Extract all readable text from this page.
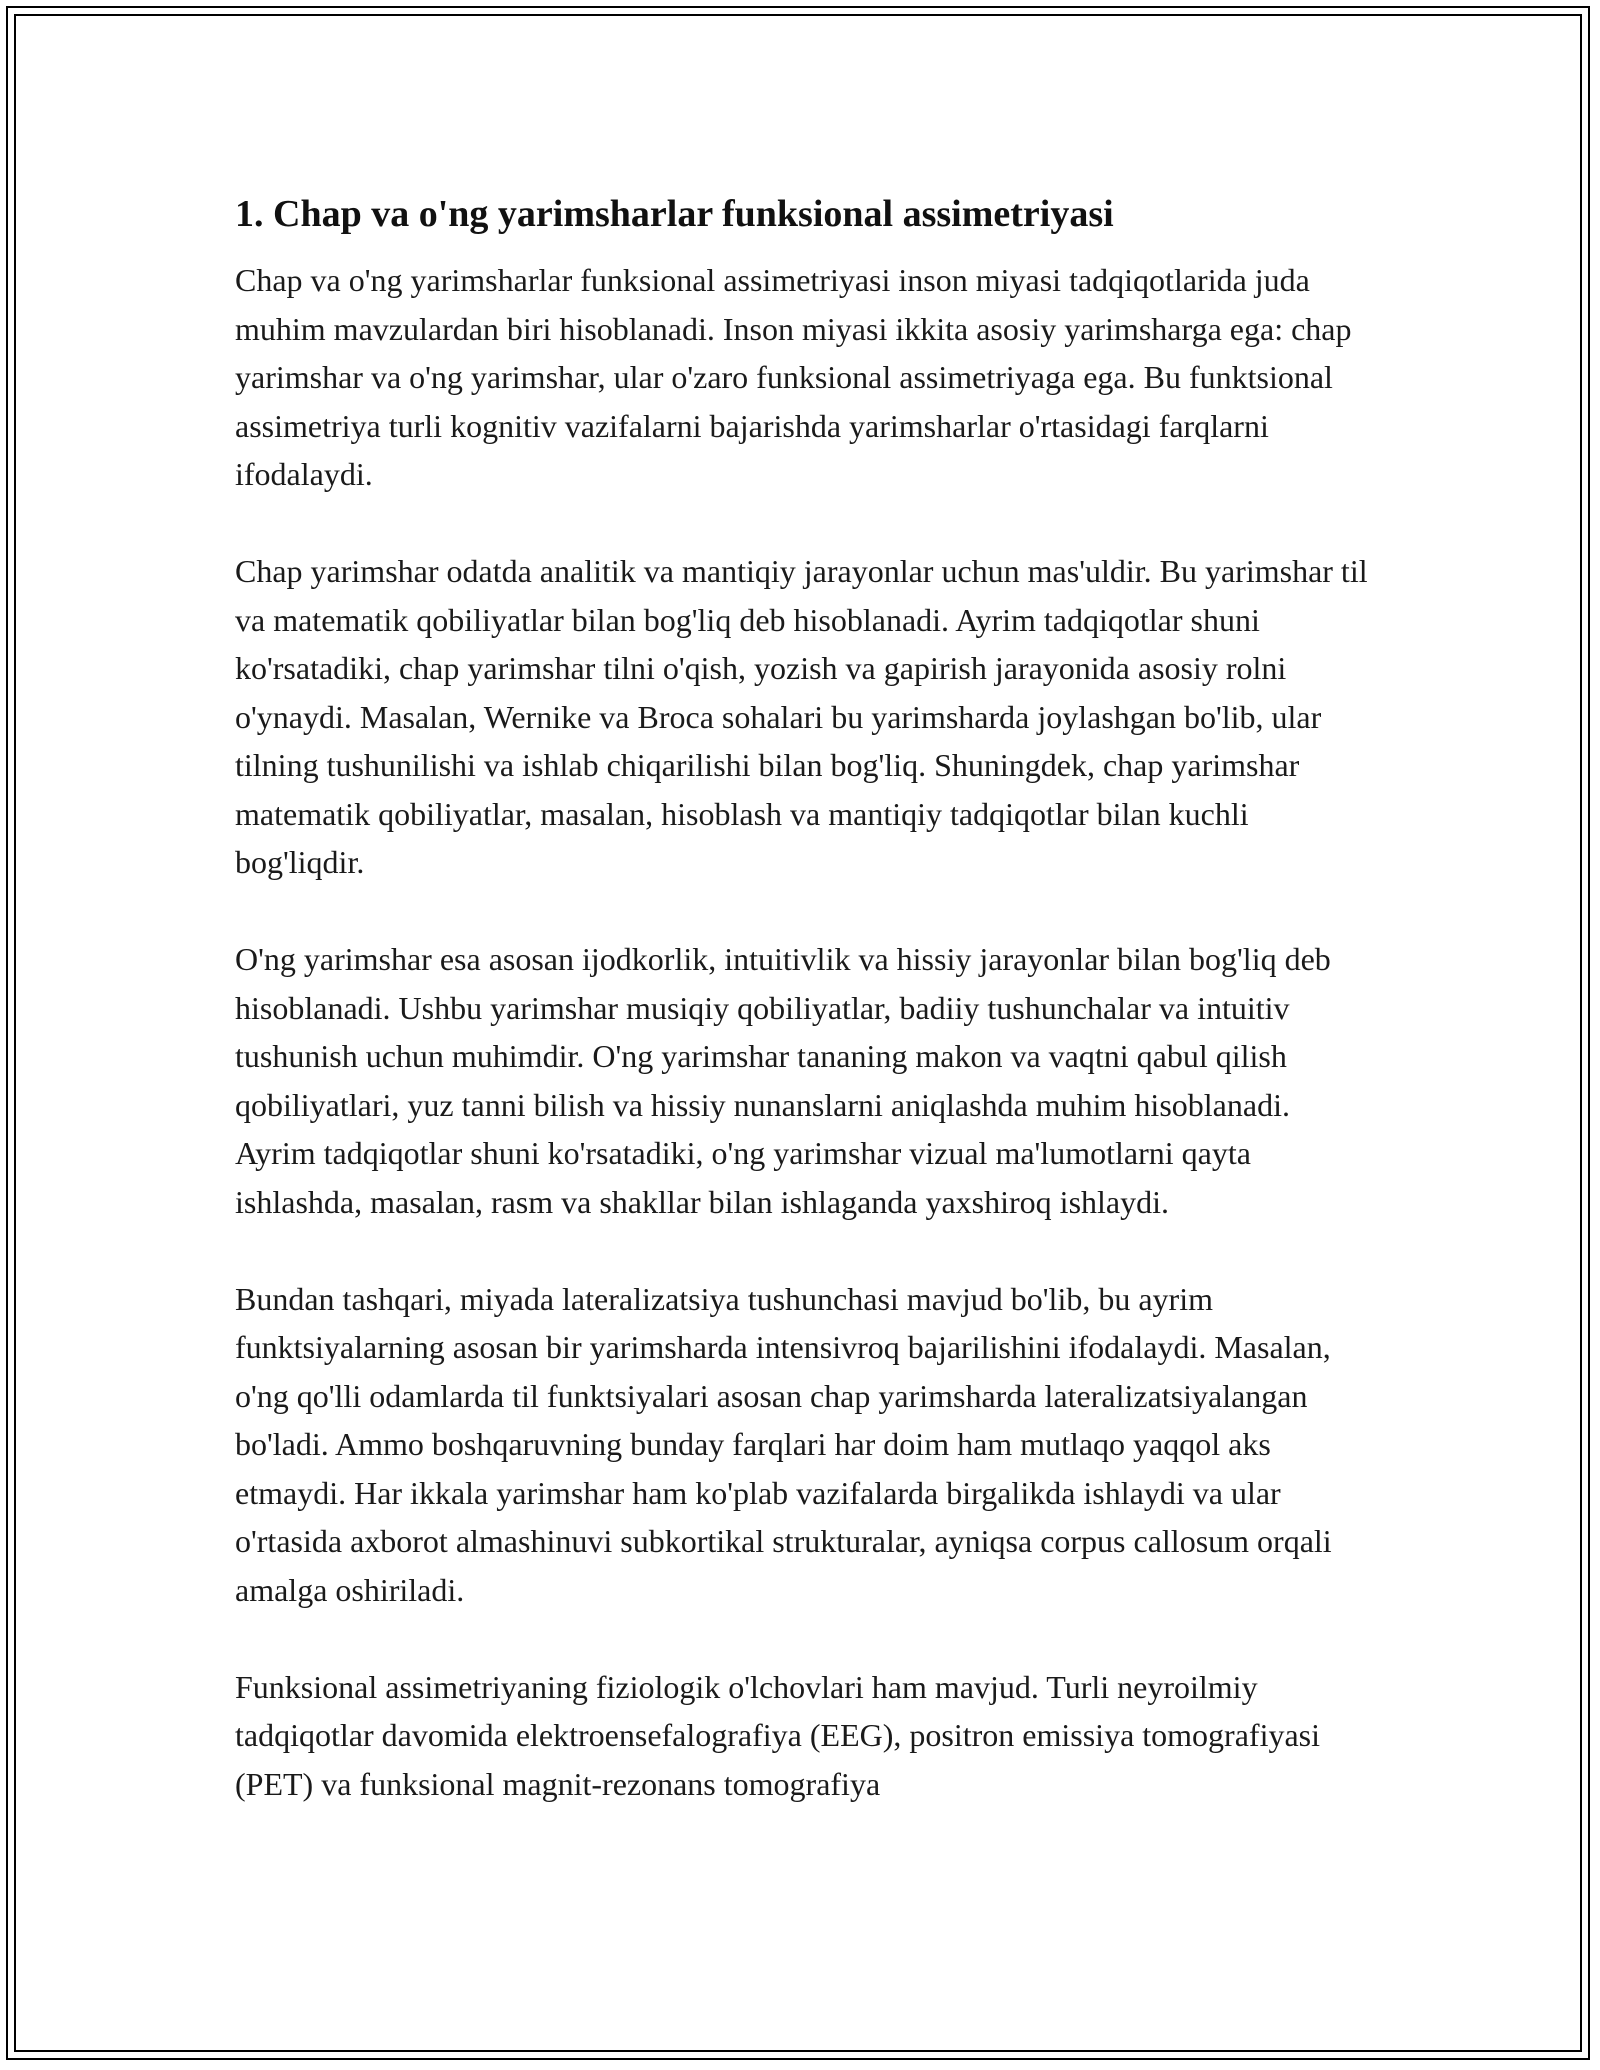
1. Chap va o'ng yarimsharlar funksional assimetriyasi

Chap va o'ng yarimsharlar funksional assimetriyasi inson miyasi tadqiqotlarida juda muhim mavzulardan biri hisoblanadi. Inson miyasi ikkita asosiy yarimsharga ega: chap yarimshar va o'ng yarimshar, ular o'zaro funksional assimetriyaga ega. Bu funktsional assimetriya turli kognitiv vazifalarni bajarishda yarimsharlar o'rtasidagi farqlarni ifodalaydi.

Chap yarimshar odatda analitik va mantiqiy jarayonlar uchun mas'uldir. Bu yarimshar til va matematik qobiliyatlar bilan bog'liq deb hisoblanadi. Ayrim tadqiqotlar shuni ko'rsatadiki, chap yarimshar tilni o'qish, yozish va gapirish jarayonida asosiy rolni o'ynaydi. Masalan, Wernike va Broca sohalari bu yarimsharda joylashgan bo'lib, ular tilning tushunilishi va ishlab chiqarilishi bilan bog'liq. Shuningdek, chap yarimshar matematik qobiliyatlar, masalan, hisoblash va mantiqiy tadqiqotlar bilan kuchli bog'liqdir.

O'ng yarimshar esa asosan ijodkorlik, intuitivlik va hissiy jarayonlar bilan bog'liq deb hisoblanadi. Ushbu yarimshar musiqiy qobiliyatlar, badiiy tushunchalar va intuitiv tushunish uchun muhimdir. O'ng yarimshar tananing makon va vaqtni qabul qilish qobiliyatlari, yuz tanni bilish va hissiy nunanslarni aniqlashda muhim hisoblanadi. Ayrim tadqiqotlar shuni ko'rsatadiki, o'ng yarimshar vizual ma'lumotlarni qayta ishlashda, masalan, rasm va shakllar bilan ishlaganda yaxshiroq ishlaydi.

Bundan tashqari, miyada lateralizatsiya tushunchasi mavjud bo'lib, bu ayrim funktsiyalarning asosan bir yarimsharda intensivroq bajarilishini ifodalaydi. Masalan, o'ng qo'lli odamlarda til funktsiyalari asosan chap yarimsharda lateralizatsiyalangan bo'ladi. Ammo boshqaruvning bunday farqlari har doim ham mutlaqo yaqqol aks etmaydi. Har ikkala yarimshar ham ko'plab vazifalarda birgalikda ishlaydi va ular o'rtasida axborot almashinuvi subkortikal strukturalar, ayniqsa corpus callosum orqali amalga oshiriladi.

Funksional assimetriyaning fiziologik o'lchovlari ham mavjud. Turli neyroilmiy tadqiqotlar davomida elektroensefalografiya (EEG), positron emissiya tomografiyasi (PET) va funksional magnit-rezonans tomografiya
